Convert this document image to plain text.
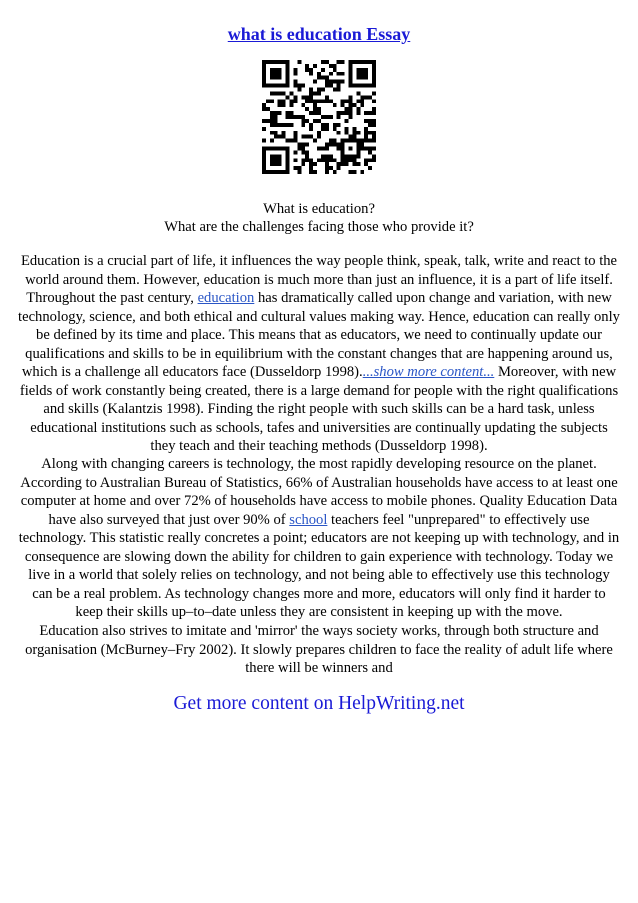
what is education Essay
What is education?
What are the challenges facing those who provide it?
Education is a crucial part of life, it influences the way people think, speak, talk, write and react to the world around them. However, education is much more than just an influence, it is a part of life itself. Throughout the past century, education has dramatically called upon change and variation, with new technology, science, and both ethical and cultural values making way. Hence, education can really only be defined by its time and place. This means that as educators, we need to continually update our qualifications and skills to be in equilibrium with the constant changes that are happening around us, which is a challenge all educators face (Dusseldorp 1998)....show more content... Moreover, with new fields of work constantly being created, there is a large demand for people with the right qualifications and skills (Kalantzis 1998). Finding the right people with such skills can be a hard task, unless educational institutions such as schools, tafes and universities are continually updating the subjects they teach and their teaching methods (Dusseldorp 1998).
Along with changing careers is technology, the most rapidly developing resource on the planet. According to Australian Bureau of Statistics, 66% of Australian households have access to at least one computer at home and over 72% of households have access to mobile phones. Quality Education Data have also surveyed that just over 90% of school teachers feel "unprepared" to effectively use technology. This statistic really concretes a point; educators are not keeping up with technology, and in consequence are slowing down the ability for children to gain experience with technology. Today we live in a world that solely relies on technology, and not being able to effectively use this technology can be a real problem. As technology changes more and more, educators will only find it harder to keep their skills up–to–date unless they are consistent in keeping up with the move.
Education also strives to imitate and 'mirror' the ways society works, through both structure and organisation (McBurney–Fry 2002). It slowly prepares children to face the reality of adult life where there will be winners and
Get more content on HelpWriting.net
